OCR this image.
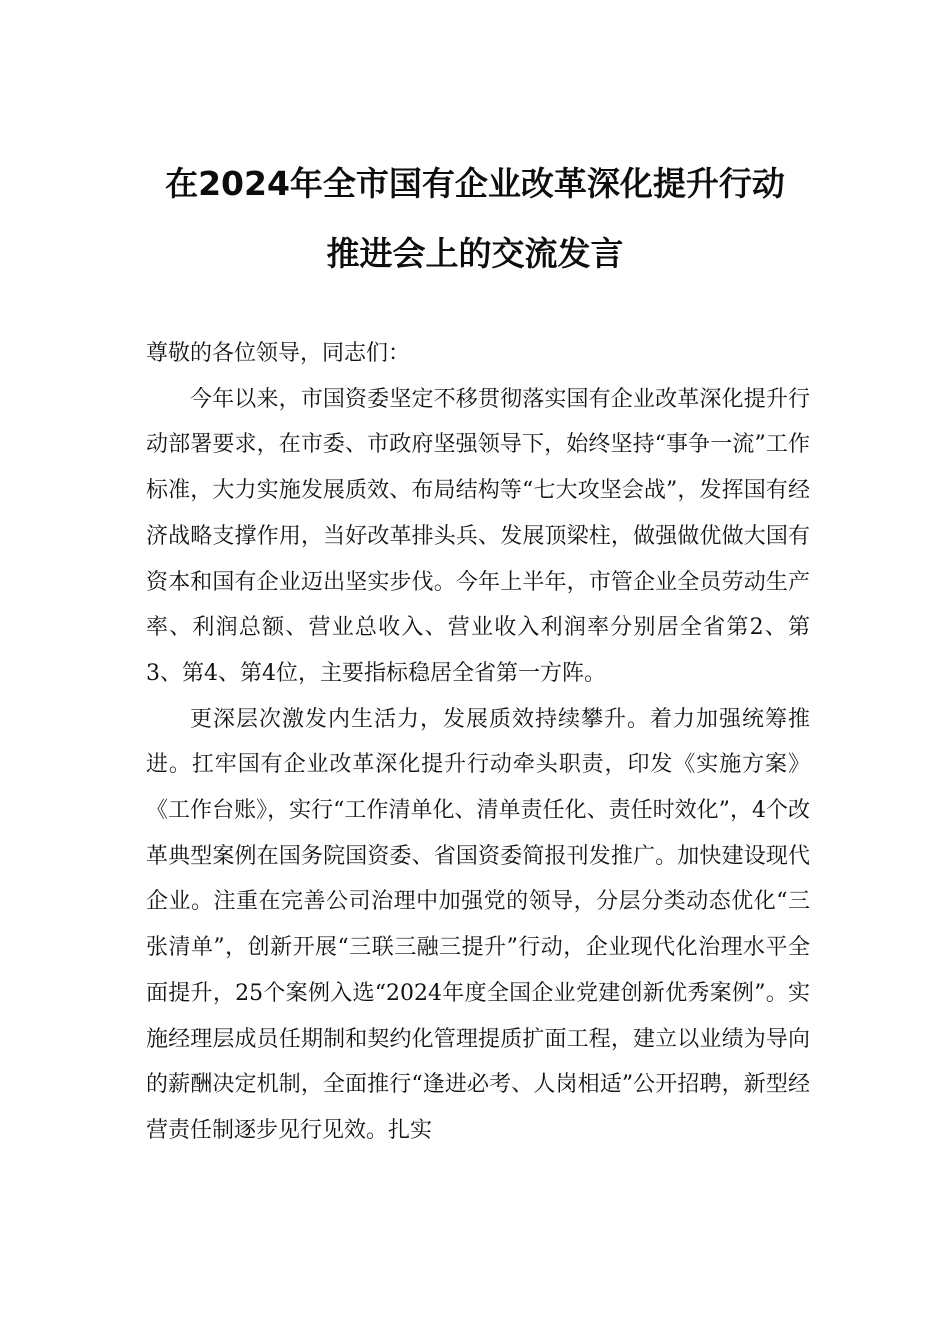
在2024年全市国有企业改革深化提升行动
推进会上的交流发言

尊敬的各位领导，同志们：

今年以来，市国资委坚定不移贯彻落实国有企业改革深化提升行动部署要求，在市委、市政府坚强领导下，始终坚持“事争一流”工作标准，大力实施发展质效、布局结构等“七大攻坚会战”，发挥国有经济战略支撑作用，当好改革排头兵、发展顶梁柱，做强做优做大国有资本和国有企业迈出坚实步伐。今年上半年，市管企业全员劳动生产率、利润总额、营业总收入、营业收入利润率分别居全省第2、第3、第4、第4位，主要指标稳居全省第一方阵。

更深层次激发内生活力，发展质效持续攀升。着力加强统筹推进。扛牢国有企业改革深化提升行动牵头职责，印发《实施方案》《工作台账》，实行“工作清单化、清单责任化、责任时效化”，4个改革典型案例在国务院国资委、省国资委简报刊发推广。加快建设现代企业。注重在完善公司治理中加强党的领导，分层分类动态优化“三张清单”，创新开展“三联三融三提升”行动，企业现代化治理水平全面提升，25个案例入选“2024年度全国企业党建创新优秀案例”。实施经理层成员任期制和契约化管理提质扩面工程，建立以业绩为导向的薪酬决定机制，全面推行“逢进必考、人岗相适”公开招聘，新型经营责任制逐步见行见效。扎实
